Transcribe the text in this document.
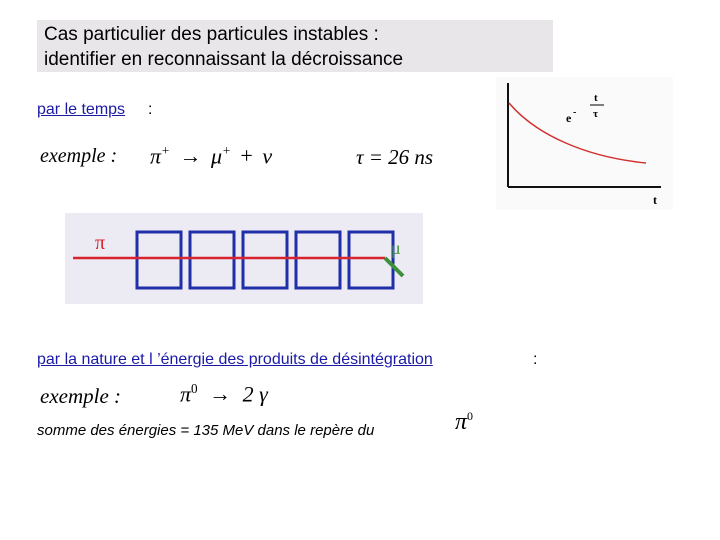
Cas particulier des particules instables :
identifier en reconnaissant la décroissance
par le temps :
exemple : π+ → μ+ + ν	τ = 26 ns
e -
t
τ
t
π	μ
par la nature et l ’énergie des produits de désintégration	:
exemple :	$\pi^0 \to 2$ γ
somme des énergies = 135 MeV dans le repère du	$\pi^0$
